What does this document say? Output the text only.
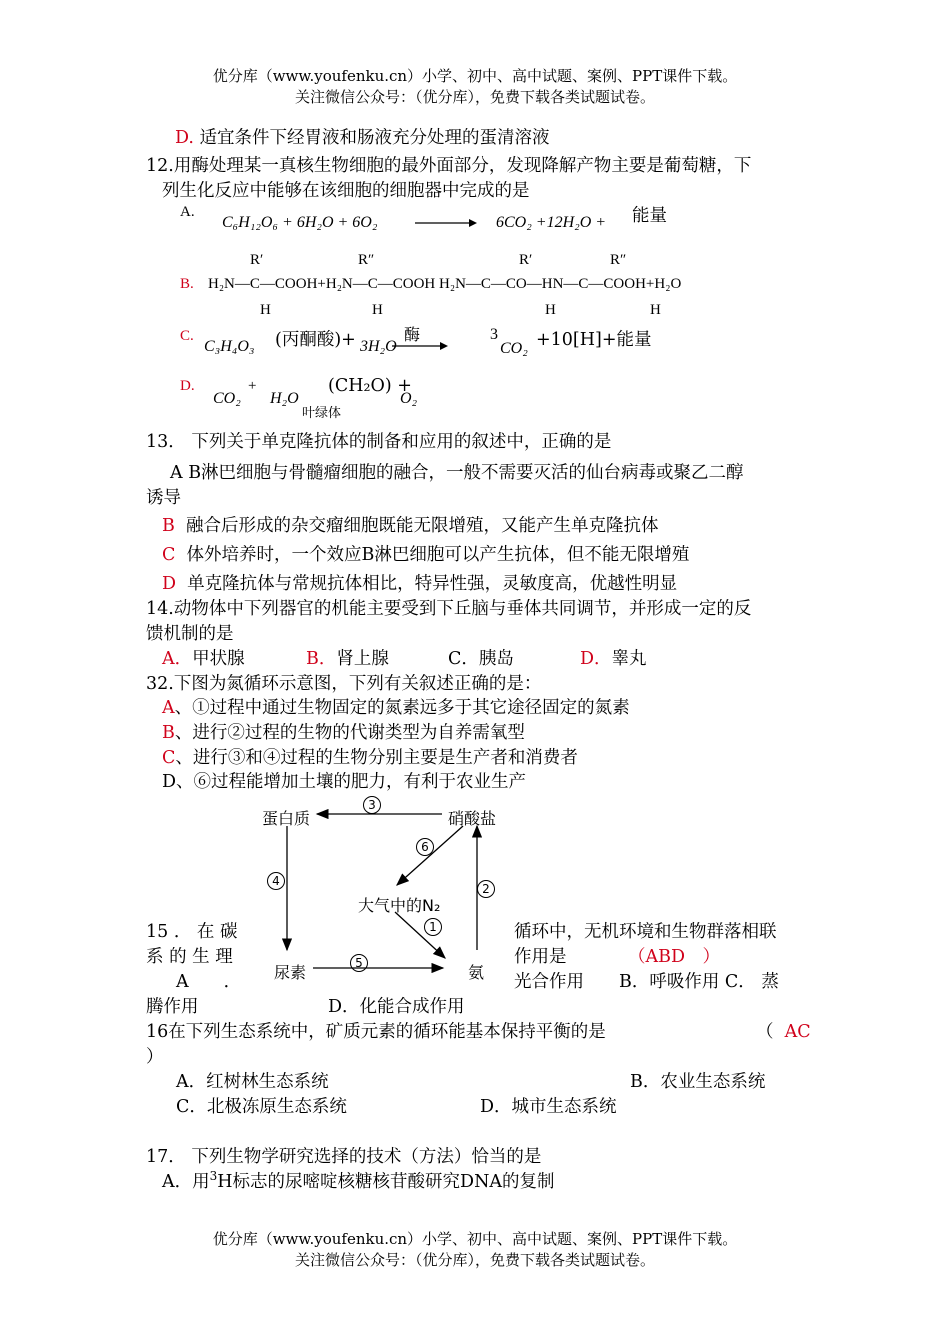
优分库（www.youfenku.cn）小学、初中、高中试题、案例、PPT课件下载。
关注微信公众号：（优分库），免费下载各类试题试卷。
D. 适宜条件下经胃液和肠液充分处理的蛋清溶液
12.用酶处理某一真核生物细胞的最外面部分，发现降解产物主要是葡萄糖，下
列生化反应中能够在该细胞的细胞器中完成的是
A.
C₆H₁₂O₆ + 6H₂O + 6O₂	6CO₂ +12H₂O + 能量
R′	R″	R′	R″
B. H₂N—C—COOH+H₂N—C—COOH H₂N—C—CO—HN—C—COOH+H₂O
H	H	H	H
C.
C₃H₄O₃ (丙酮酸)+ 3H₂O
酶	3
CO₂ +10[H]+能量
D.
CO₂
+
H₂O
(CH₂O) +
叶绿体
O₂
13． 下列关于单克隆抗体的制备和应用的叙述中，正确的是
A B淋巴细胞与骨髓瘤细胞的融合，一般不需要灭活的仙台病毒或聚乙二醇
诱导
B 融合后形成的杂交瘤细胞既能无限增殖，又能产生单克隆抗体
C 体外培养时，一个效应B淋巴细胞可以产生抗体，但不能无限增殖
D 单克隆抗体与常规抗体相比，特异性强，灵敏度高，优越性明显
14.动物体中下列器官的机能主要受到下丘脑与垂体共同调节，并形成一定的反
馈机制的是
A．甲状腺	B．肾上腺	C．胰岛	D．睾丸
32.下图为氮循环示意图，下列有关叙述正确的是：
A、①过程中通过生物固定的氮素远多于其它途径固定的氮素
B、进行②过程的生物的代谢类型为自养需氧型
C、进行③和④过程的生物分别主要是生产者和消费者
D、⑥过程能增加土壤的肥力，有利于农业生产
蛋白质	硝酸盐
大气中的N₂
尿素	氨
3
6
4
2
1
5
15 ． 在 碳
系 的 生 理
A　　．
循环中，无机环境和生物群落相联
作用是	（ABD　）
光合作用　　B．呼吸作用 C． 蒸
腾作用	D．化能合成作用
16在下列生态系统中，矿质元素的循环能基本保持平衡的是	（ AC
）
A．红树林生态系统	B．农业生态系统
C．北极冻原生态系统	D．城市生态系统
17． 下列生物学研究选择的技术（方法）恰当的是
A．用$^3$H标志的尿嘧啶核糖核苷酸研究DNA的复制
优分库（www.youfenku.cn）小学、初中、高中试题、案例、PPT课件下载。
关注微信公众号：（优分库），免费下载各类试题试卷。
